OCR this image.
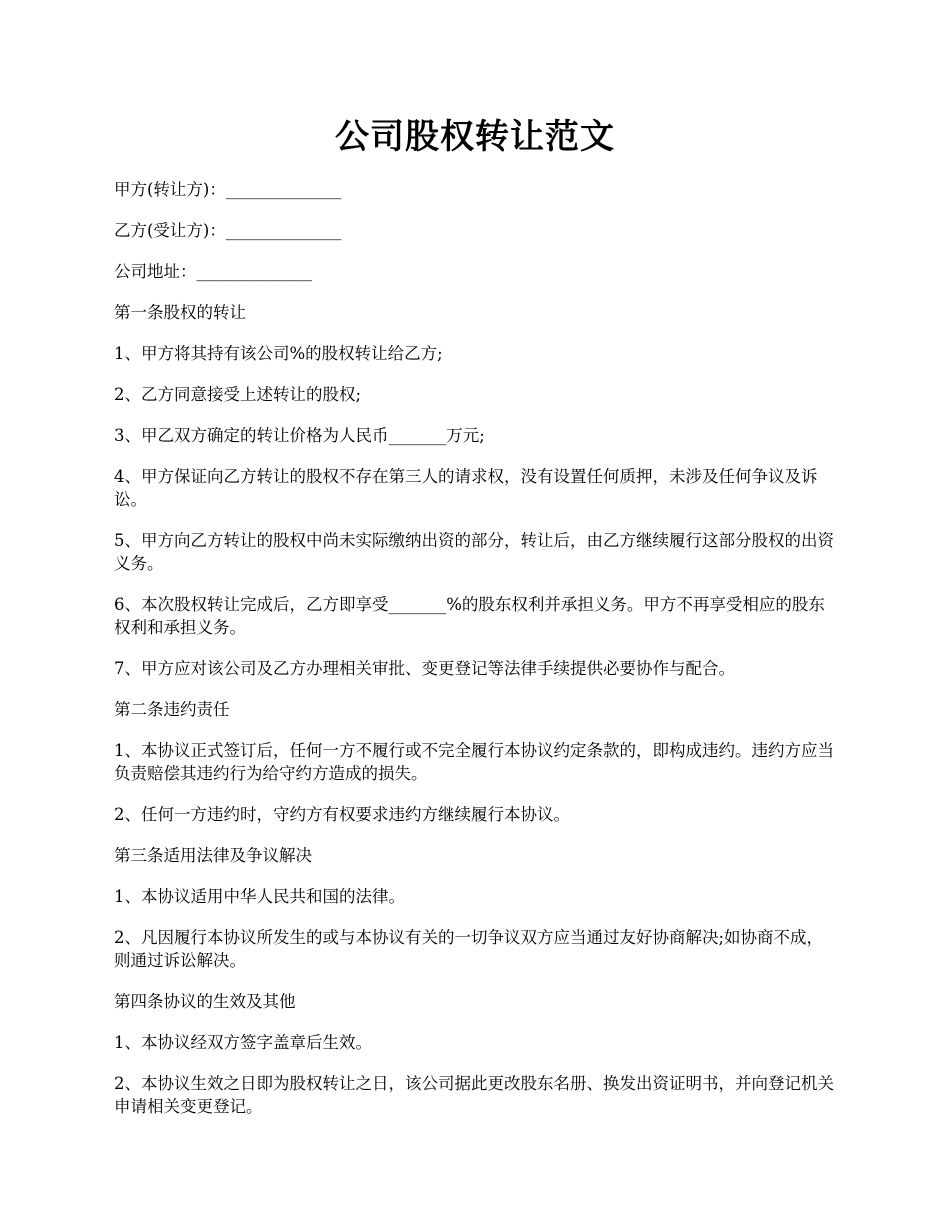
公司股权转让范文

甲方(转让方)：______________

乙方(受让方)：______________

公司地址：______________

第一条股权的转让

1、甲方将其持有该公司%的股权转让给乙方;

2、乙方同意接受上述转让的股权;

3、甲乙双方确定的转让价格为人民币_______万元;

4、甲方保证向乙方转让的股权不存在第三人的请求权，没有设置任何质押，未涉及任何争议及诉讼。

5、甲方向乙方转让的股权中尚未实际缴纳出资的部分，转让后，由乙方继续履行这部分股权的出资义务。

6、本次股权转让完成后，乙方即享受_______%的股东权利并承担义务。甲方不再享受相应的股东权利和承担义务。

7、甲方应对该公司及乙方办理相关审批、变更登记等法律手续提供必要协作与配合。

第二条违约责任

1、本协议正式签订后，任何一方不履行或不完全履行本协议约定条款的，即构成违约。违约方应当负责赔偿其违约行为给守约方造成的损失。

2、任何一方违约时，守约方有权要求违约方继续履行本协议。

第三条适用法律及争议解决

1、本协议适用中华人民共和国的法律。

2、凡因履行本协议所发生的或与本协议有关的一切争议双方应当通过友好协商解决;如协商不成，则通过诉讼解决。

第四条协议的生效及其他

1、本协议经双方签字盖章后生效。

2、本协议生效之日即为股权转让之日，该公司据此更改股东名册、换发出资证明书，并向登记机关申请相关变更登记。
